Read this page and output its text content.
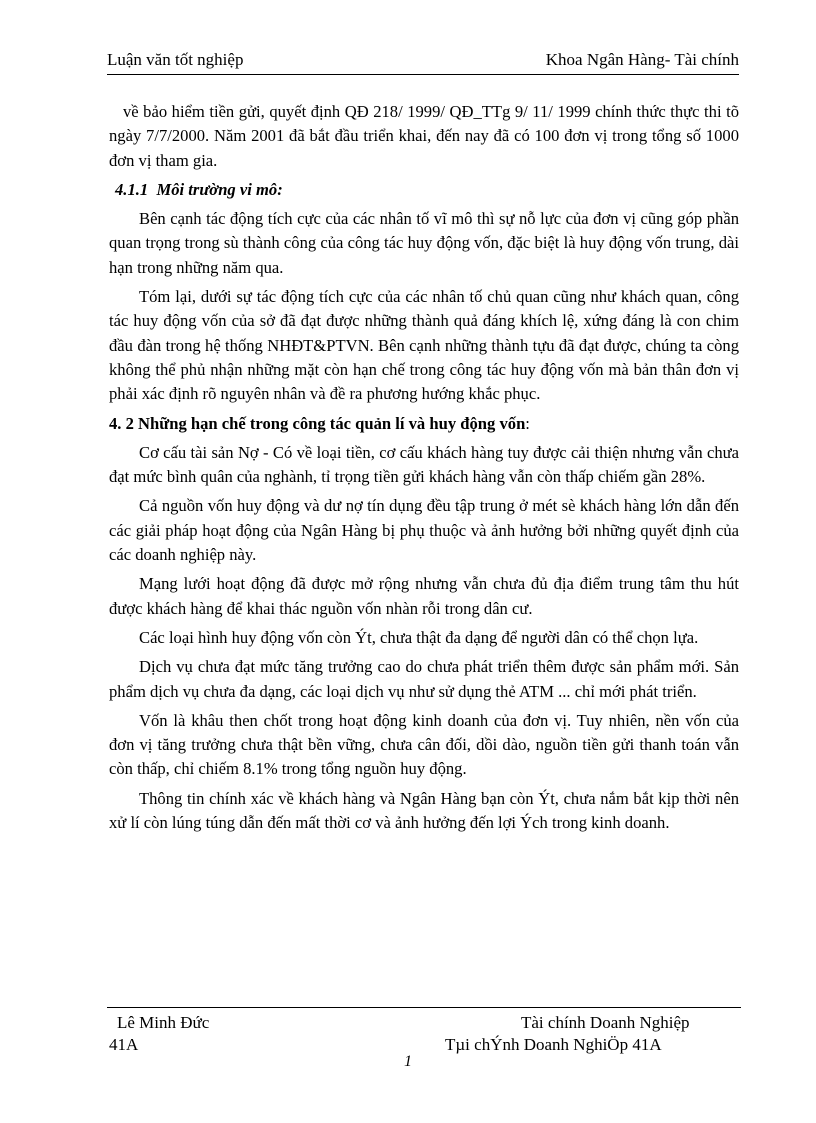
Luận văn tốt nghiệp	Khoa Ngân Hàng- Tài chính

về bảo hiểm tiền gửi, quyết định QĐ 218/ 1999/ QĐ_TTg 9/ 11/ 1999 chính thức thực thi tõ ngày 7/7/2000. Năm 2001 đã bắt đầu triển khai, đến nay đã có 100 đơn vị trong tổng số 1000 đơn vị tham gia.

4.1.1 Môi trường vi mô:

Bên cạnh tác động tích cực của các nhân tố vĩ mô thì sự nỗ lực của đơn vị cũng góp phần quan trọng trong sù thành công của công tác huy động vốn, đặc biệt là huy động vốn trung, dài hạn trong những năm qua.

Tóm lại, dưới sự tác động tích cực của các nhân tố chủ quan cũng như khách quan, công tác huy động vốn của sở đã đạt được những thành quả đáng khích lệ, xứng đáng là con chim đầu đàn trong hệ thống NHĐT&PTVN. Bên cạnh những thành tựu đã đạt được, chúng ta còng không thể phủ nhận những mặt còn hạn chế trong công tác huy động vốn mà bản thân đơn vị phải xác định rõ nguyên nhân và đề ra phương hướng khắc phục.

4. 2 Những hạn chế trong công tác quản lí và huy động vốn:

Cơ cấu tài sản Nợ - Có về loại tiền, cơ cấu khách hàng tuy được cải thiện nhưng vẫn chưa đạt mức bình quân của nghành, tỉ trọng tiền gửi khách hàng vẫn còn thấp chiếm gần 28%.

Cả nguồn vốn huy động và dư nợ tín dụng đều tập trung ở mét sè khách hàng lớn dẫn đến các giải pháp hoạt động của Ngân Hàng bị phụ thuộc và ảnh hưởng bởi những quyết định của các doanh nghiệp này.

Mạng lưới hoạt động đã được mở rộng nhưng vẫn chưa đủ địa điểm trung tâm thu hút được khách hàng để khai thác nguồn vốn nhàn rỗi trong dân cư.

Các loại hình huy động vốn còn Ýt, chưa thật đa dạng để người dân có thể chọn lựa.

Dịch vụ chưa đạt mức tăng trưởng cao do chưa phát triển thêm được sản phẩm mới. Sản phẩm dịch vụ chưa đa dạng, các loại dịch vụ như sử dụng thẻ ATM ... chỉ mới phát triển.

Vốn là khâu then chốt trong hoạt động kinh doanh của đơn vị. Tuy nhiên, nền vốn của đơn vị tăng trưởng chưa thật bền vững, chưa cân đối, dồi dào, nguồn tiền gửi thanh toán vẫn còn thấp, chỉ chiếm 8.1% trong tổng nguồn huy động.

Thông tin chính xác về khách hàng và Ngân Hàng bạn còn Ýt, chưa nắm bắt kịp thời nên xử lí còn lúng túng dẫn đến mất thời cơ và ảnh hưởng đến lợi Ých trong kinh doanh.

Lê Minh Đức	Tài chính Doanh Nghiệp
41A	Tµi chÝnh Doanh NghiÖp 41A
1
